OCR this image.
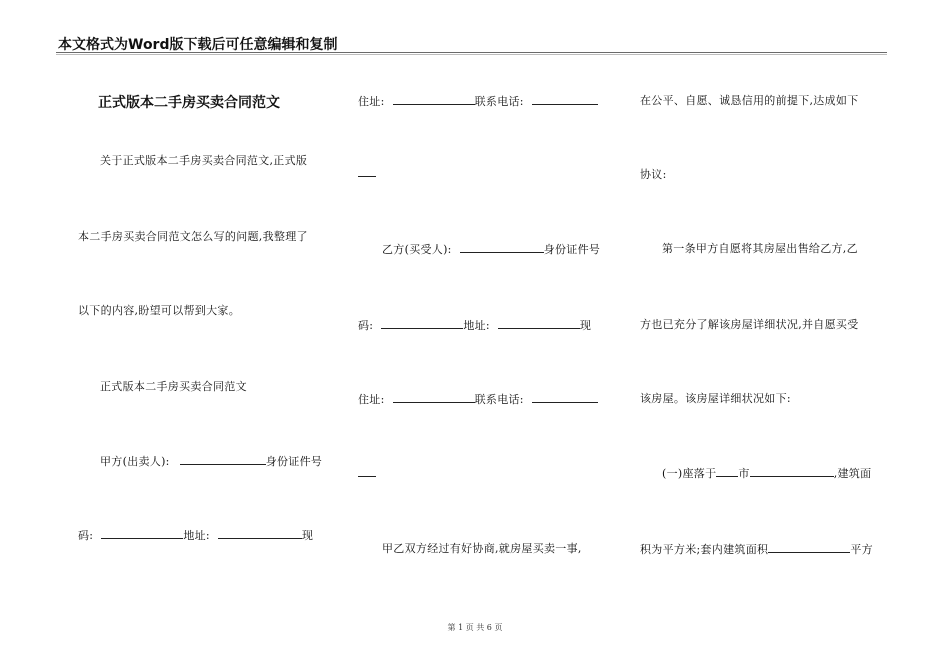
本文格式为Word版下载后可任意编辑和复制
正式版本二手房买卖合同范文
关于正式版本二手房买卖合同范文,正式版
本二手房买卖合同范文怎么写的问题,我整理了
以下的内容,盼望可以帮到大家。
正式版本二手房买卖合同范文
甲方(出卖人):	身份证件号
码:	地址:	现
住址:	联系电话:
乙方(买受人):	身份证件号
码:	地址:	现
住址:	联系电话:
甲乙双方经过有好协商,就房屋买卖一事,
在公平、自愿、诚恳信用的前提下,达成如下
协议:
第一条甲方自愿将其房屋出售给乙方,乙
方也已充分了解该房屋详细状况,并自愿买受
该房屋。该房屋详细状况如下:
(一)座落于 市	,建筑面
积为平方米;套内建筑面积	平方
第 1 页 共 6 页
